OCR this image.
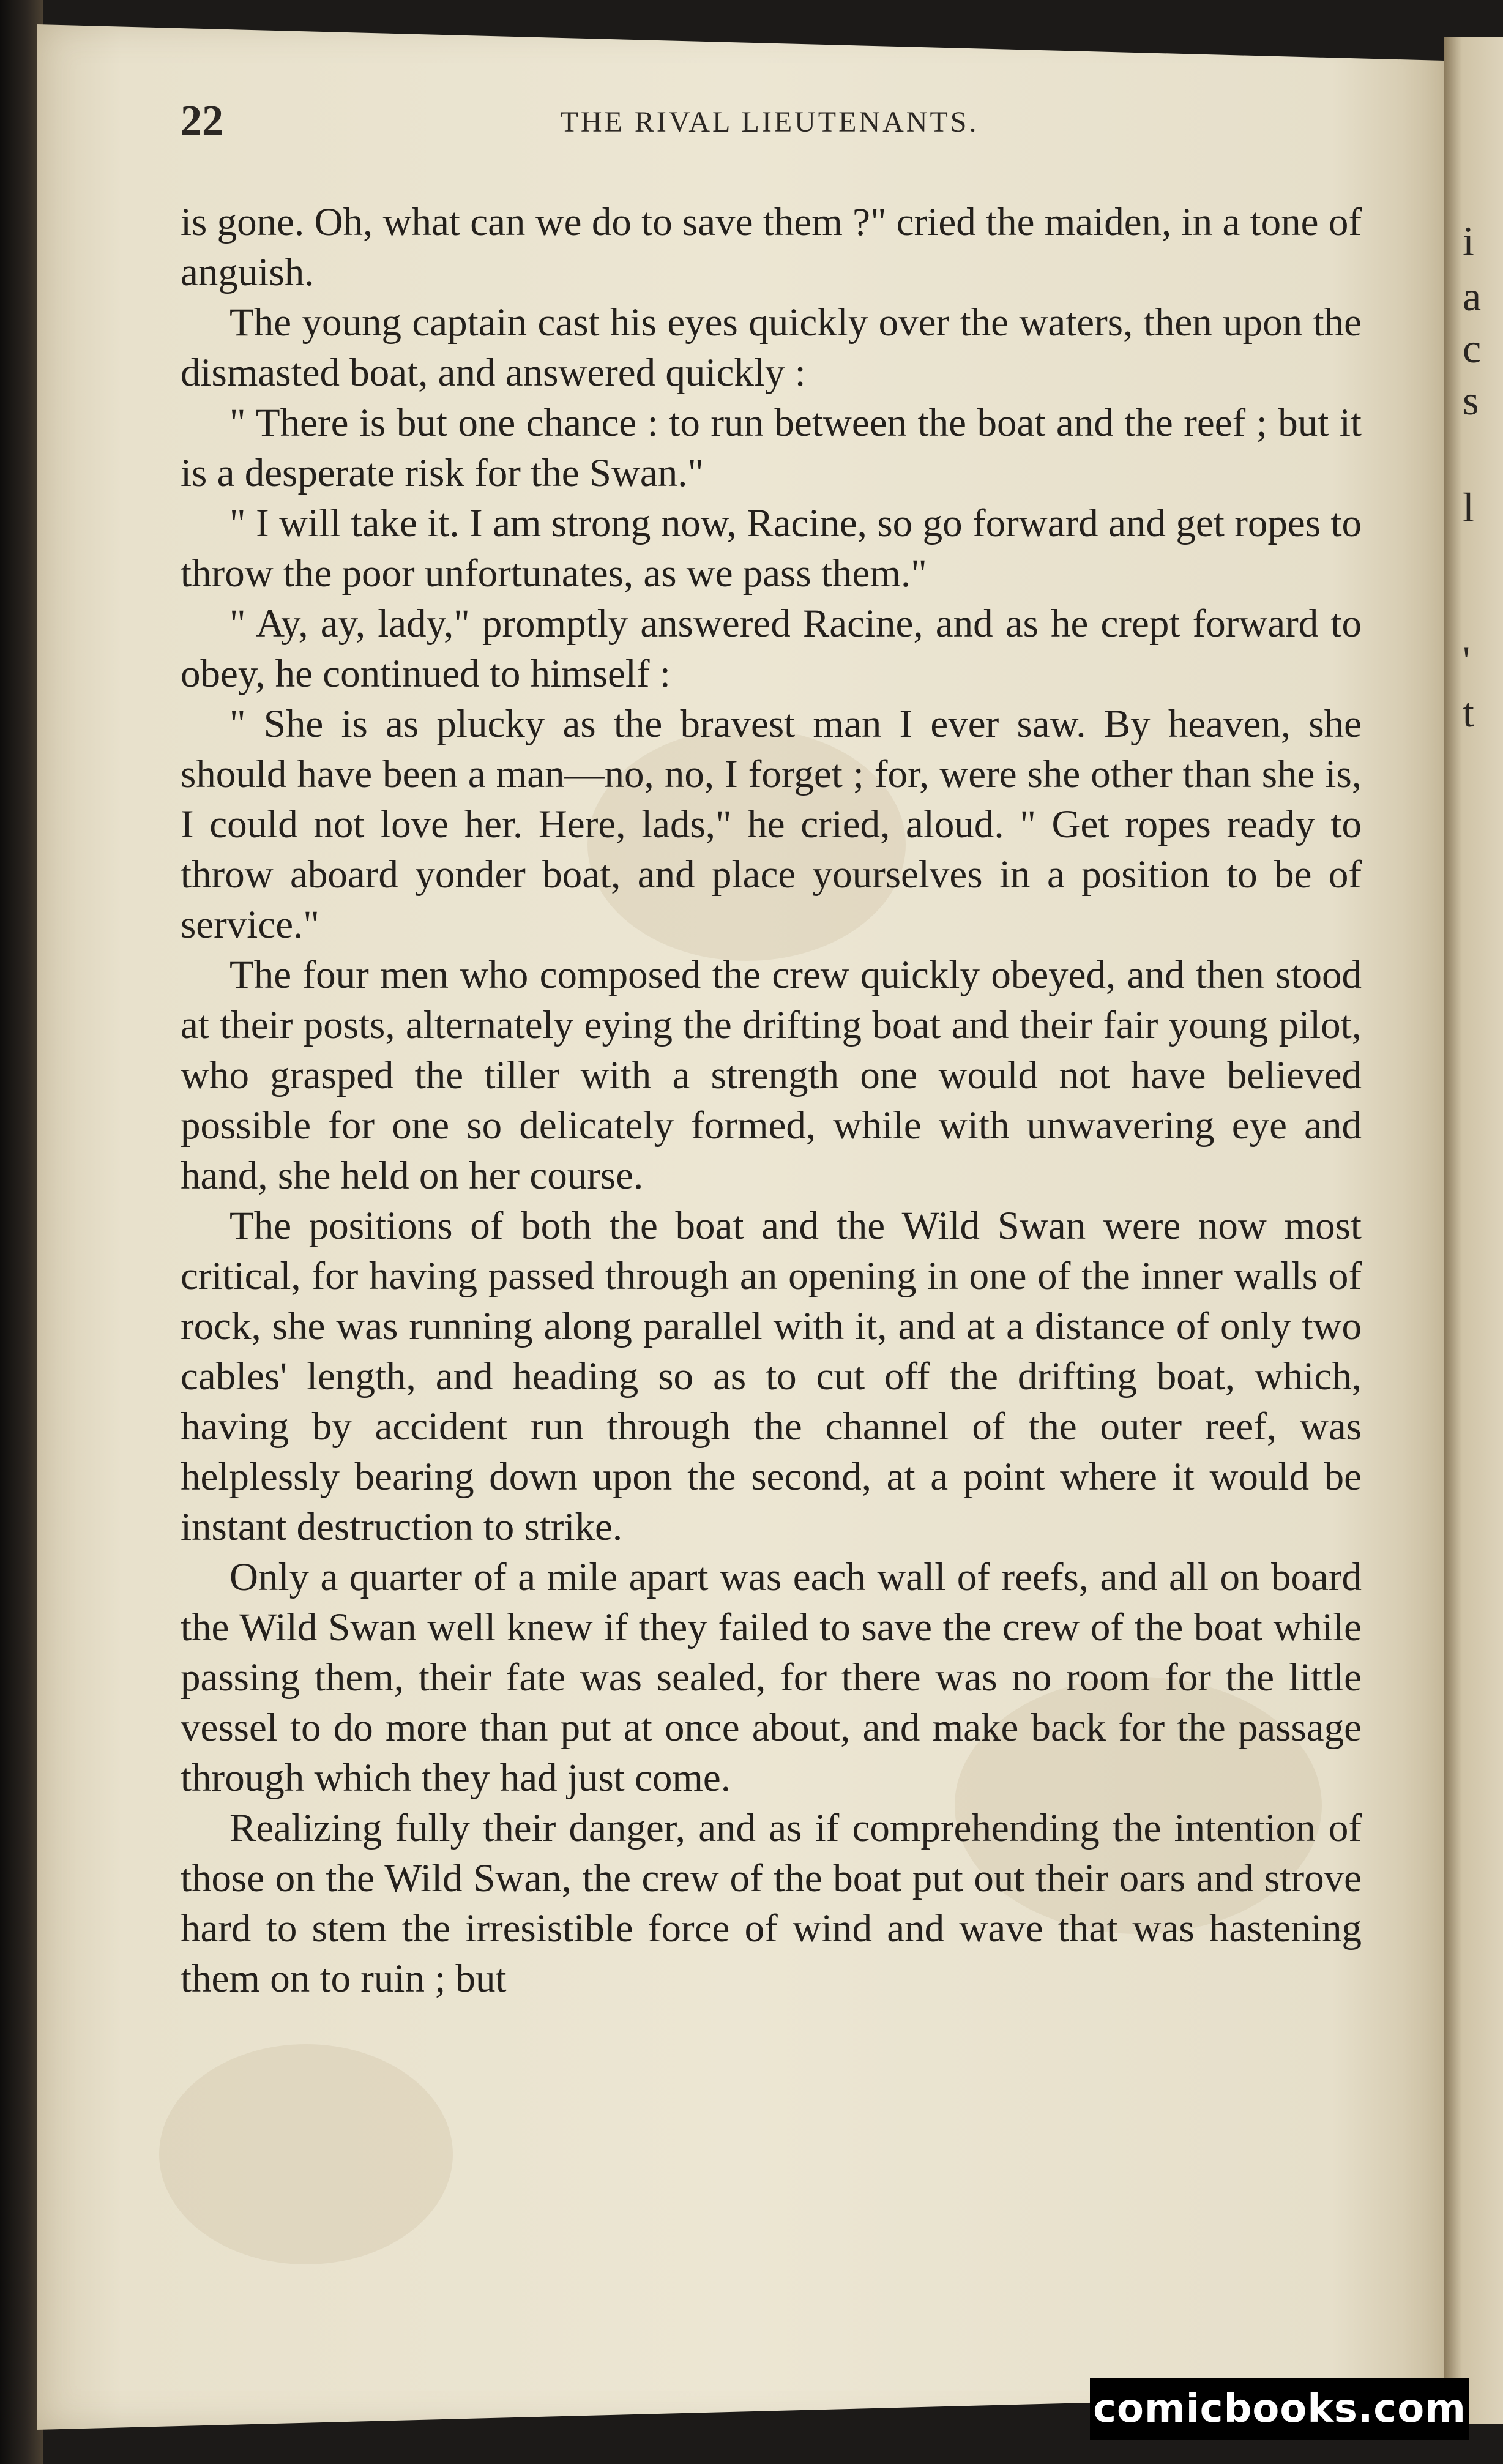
i
a
c
s
l
'
t
22	THE RIVAL LIEUTENANTS.

is gone. Oh, what can we do to save them ?" cried the maiden, in a tone of anguish.

The young captain cast his eyes quickly over the waters, then upon the dismasted boat, and answered quickly :

" There is but one chance : to run between the boat and the reef ; but it is a desperate risk for the Swan."

" I will take it. I am strong now, Racine, so go forward and get ropes to throw the poor unfortunates, as we pass them."

" Ay, ay, lady," promptly answered Racine, and as he crept forward to obey, he continued to himself :

" She is as plucky as the bravest man I ever saw. By heaven, she should have been a man—no, no, I forget ; for, were she other than she is, I could not love her. Here, lads," he cried, aloud. " Get ropes ready to throw aboard yonder boat, and place yourselves in a position to be of service."

The four men who composed the crew quickly obeyed, and then stood at their posts, alternately eying the drifting boat and their fair young pilot, who grasped the tiller with a strength one would not have believed possible for one so delicately formed, while with unwavering eye and hand, she held on her course.

The positions of both the boat and the Wild Swan were now most critical, for having passed through an opening in one of the inner walls of rock, she was running along parallel with it, and at a distance of only two cables' length, and heading so as to cut off the drifting boat, which, having by accident run through the channel of the outer reef, was helplessly bearing down upon the second, at a point where it would be instant destruction to strike.

Only a quarter of a mile apart was each wall of reefs, and all on board the Wild Swan well knew if they failed to save the crew of the boat while passing them, their fate was sealed, for there was no room for the little vessel to do more than put at once about, and make back for the passage through which they had just come.

Realizing fully their danger, and as if comprehending the intention of those on the Wild Swan, the crew of the boat put out their oars and strove hard to stem the irresistible force of wind and wave that was hastening them on to ruin ; but

comicbooks.com
